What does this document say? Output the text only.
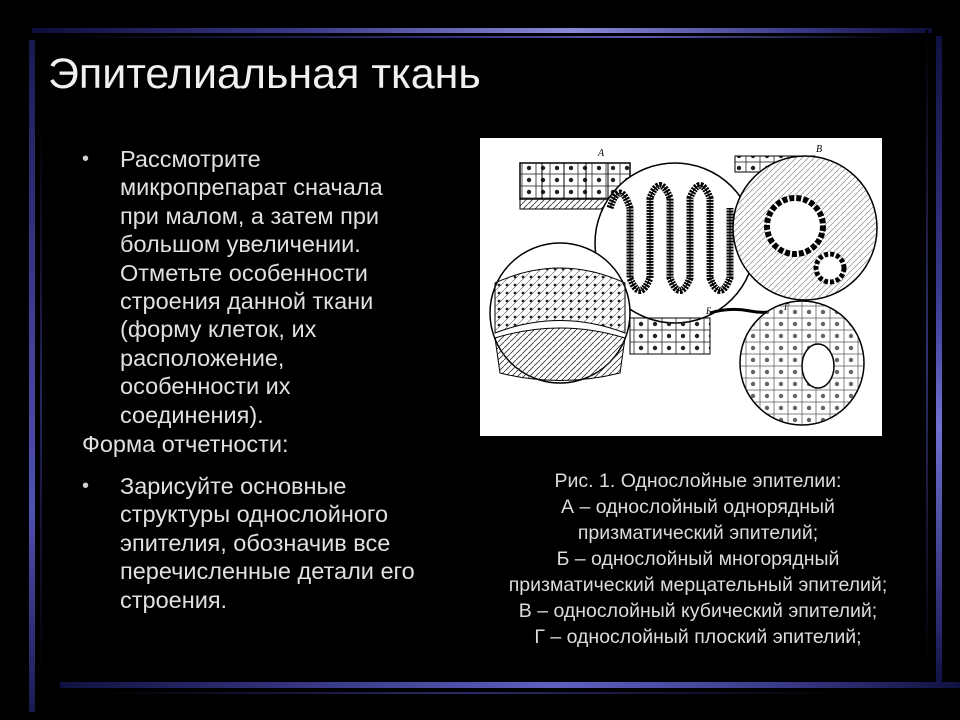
Эпителиальная ткань
• Рассмотрите
микропрепарат сначала
при малом, а затем при
большом увеличении.
Отметьте особенности
строения данной ткани
(форму клеток, их
расположение,
особенности их
соединения).
Форма отчетности:
• Зарисуйте основные
структуры однослойного
эпителия, обозначив все
перечисленные детали его
строения.
А
Б
В
Г
Рис. 1. Однослойные эпителии:
А – однослойный однорядный
призматический эпителий;
Б – однослойный многорядный
призматический мерцательный эпителий;
В – однослойный кубический эпителий;
Г – однослойный плоский эпителий;
